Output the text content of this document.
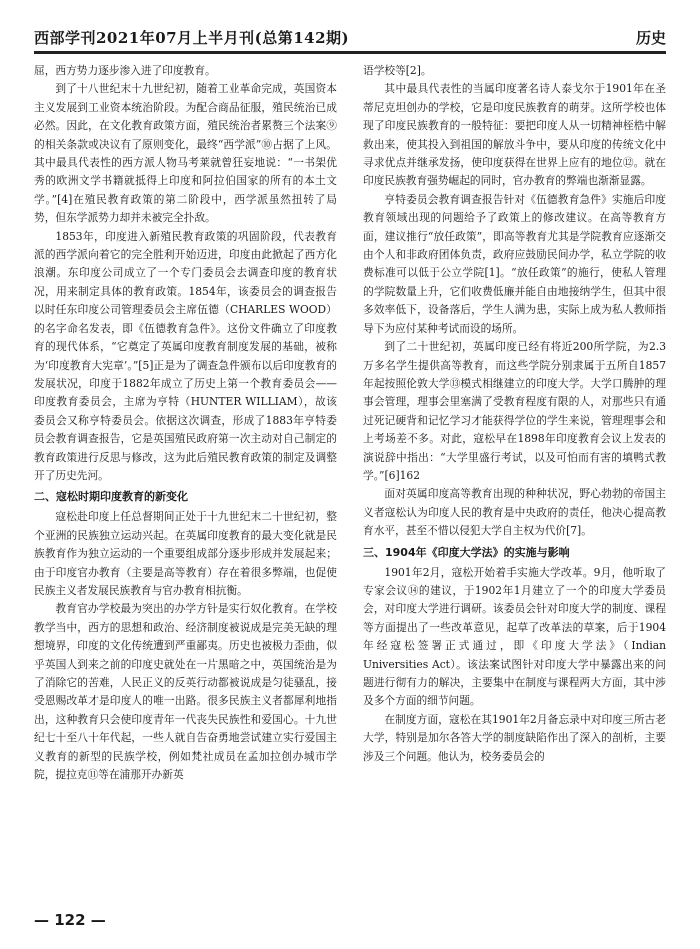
西部学刊2021年07月上半月刊(总第142期)	历史

屈，西方势力逐步渗入进了印度教育。

到了十八世纪末十九世纪初，随着工业革命完成，英国资本主义发展到工业资本统治阶段。为配合商品征服，殖民统治已成必然。因此，在文化教育政策方面，殖民统治者累赘三个法案⑨的相关条款或决议有了原则变化，最终“西学派”⑩占据了上风。其中最具代表性的西方派人物马考莱就曾狂妄地说：“一书架优秀的欧洲文学书籍就抵得上印度和阿拉伯国家的所有的本土文学。”[4]在殖民教育政策的第二阶段中，西学派虽然扭转了局势，但东学派势力却并未被完全扑敌。

1853年，印度进入新殖民教育政策的巩固阶段，代表教育派的西学派向着它的完全胜利开始迈进，印度由此掀起了西方化浪潮。东印度公司成立了一个专门委员会去调查印度的教育状况，用来制定具体的教育政策。1854年，该委员会的调查报告以时任东印度公司管理委员会主席伍德（CHARLES WOOD）的名字命名发表，即《伍德教育急件》。这份文件确立了印度教育的现代体系，“它奠定了英属印度教育制度发展的基础，被称为‘印度教育大宪章’。”[5]正是为了调查急件颁布以后印度教育的发展状况，印度于1882年成立了历史上第一个教育委员会——印度教育委员会，主席为亨特（HUNTER WILLIAM），故该委员会又称亨特委员会。依据这次调查，形成了1883年亨特委员会教育调查报告，它是英国殖民政府第一次主动对自己制定的教育政策进行反思与修改，这为此后殖民教育政策的制定及调整开了历史先河。

二、寇松时期印度教育的新变化

寇松赴印度上任总督期间正处于十九世纪末二十世纪初，整个亚洲的民族独立运动兴起。在英属印度教育的最大变化就是民族教育作为独立运动的一个重要组成部分逐步形成并发展起来；由于印度官办教育（主要是高等教育）存在着很多弊端，也促使民族主义者发展民族教育与官办教育相抗衡。

教育官办学校最为突出的办学方针是实行奴化教育。在学校教学当中，西方的思想和政治、经济制度被说成是完美无缺的理想境界，印度的文化传统遭到严重鄙夷。历史也被极力歪曲，似乎英国人到来之前的印度史就处在一片黑暗之中，英国统治是为了消除它的苦难，人民正义的反英行动都被说成是匀徒骚乱，接受恩赐改革才是印度人的唯一出路。很多民族主义者都犀利地指出，这种教育只会使印度青年一代丧失民族性和爱国心。十九世纪七十至八十年代起，一些人就自告奋勇地尝试建立实行爱国主义教育的新型的民族学校，例如梵社成员在孟加拉创办城市学院，提拉克⑪等在浦那开办新英

语学校等[2]。

其中最具代表性的当属印度著名诗人泰戈尔于1901年在圣蒂尼克坦创办的学校，它是印度民族教育的萌芽。这所学校也体现了印度民族教育的一般特征：要把印度人从一切精神桎梏中解救出来，使其投入到祖国的解放斗争中，要从印度的传统文化中寻求优点并继承发扬，使印度获得在世界上应有的地位⑫。就在印度民族教育强势崛起的同时，官办教育的弊端也渐渐显露。

亨特委员会教育调查报告针对《伍德教育急件》实施后印度教育领域出现的问题给予了政策上的修改建议。在高等教育方面，建议推行“放任政策”，即高等教育尤其是学院教育应逐渐交由个人和非政府团体负责，政府应鼓励民间办学，私立学院的收费标准可以低于公立学院[1]。“放任政策”的施行，使私人管理的学院数量上升，它们收费低廉并能自由地接纳学生，但其中很多效率低下，设备落后，学生人满为患，实际上成为私人教师指导下为应付某种考试而设的场所。

到了二十世纪初，英属印度已经有将近200所学院，为2.3万多名学生提供高等教育，而这些学院分别隶属于五所自1857年起按照伦敦大学⑬模式相继建立的印度大学。大学口腾肿的理事会管理，理事会里塞满了受教育程度有限的人，对那些只有通过死记硬背和记忆学习才能获得学位的学生来说，管理理事会和上考场差不多。对此，寇松早在1898年印度教育会议上发表的演说辞中指出：“大学里盛行考试，以及可怕而有害的填鸭式教学。”[6]162

面对英属印度高等教育出现的种种状况，野心勃勃的帝国主义者寇松认为印度人民的教育是中央政府的责任，他决心提高教育水平，甚至不惜以侵犯大学自主权为代价[7]。

三、1904年《印度大学法》的实施与影响

1901年2月，寇松开始着手实施大学改革。9月，他听取了专家会议⑭的建议，于1902年1月建立了一个的印度大学委员会，对印度大学进行调研。该委员会针对印度大学的制度、课程等方面提出了一些改革意见，起草了改革法的草案，后于1904年经寇松签署正式通过，即《印度大学法》（Indian Universities Act）。该法案试图针对印度大学中暴露出来的问题进行彻有力的解决，主要集中在制度与课程两大方面，其中涉及多个方面的细节问题。

在制度方面，寇松在其1901年2月备忘录中对印度三所古老大学，特别是加尔各答大学的制度缺陷作出了深入的剖析，主要涉及三个问题。他认为，校务委员会的

— 122 —
